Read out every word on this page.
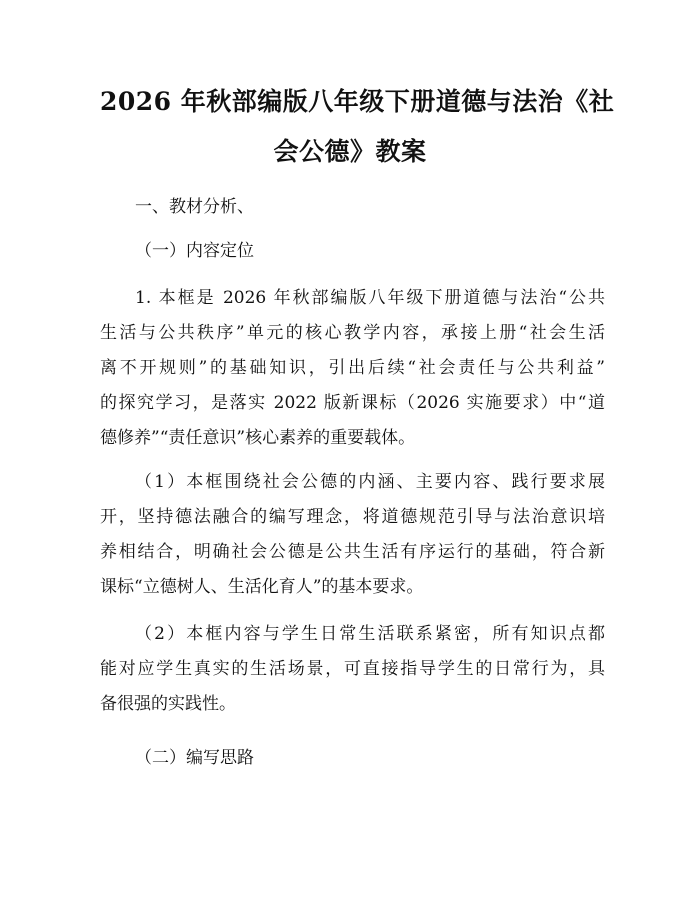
2026 年秋部编版八年级下册道德与法治《社
会公德》教案
一、教材分析、
（一）内容定位
1. 本框是 2026 年秋部编版八年级下册道德与法治“公共
生活与公共秩序”单元的核心教学内容，承接上册“社会生活
离不开规则”的基础知识，引出后续“社会责任与公共利益”
的探究学习，是落实 2022 版新课标（2026 实施要求）中“道
德修养”“责任意识”核心素养的重要载体。
（1）本框围绕社会公德的内涵、主要内容、践行要求展
开，坚持德法融合的编写理念，将道德规范引导与法治意识培
养相结合，明确社会公德是公共生活有序运行的基础，符合新
课标“立德树人、生活化育人”的基本要求。
（2）本框内容与学生日常生活联系紧密，所有知识点都
能对应学生真实的生活场景，可直接指导学生的日常行为，具
备很强的实践性。
（二）编写思路
